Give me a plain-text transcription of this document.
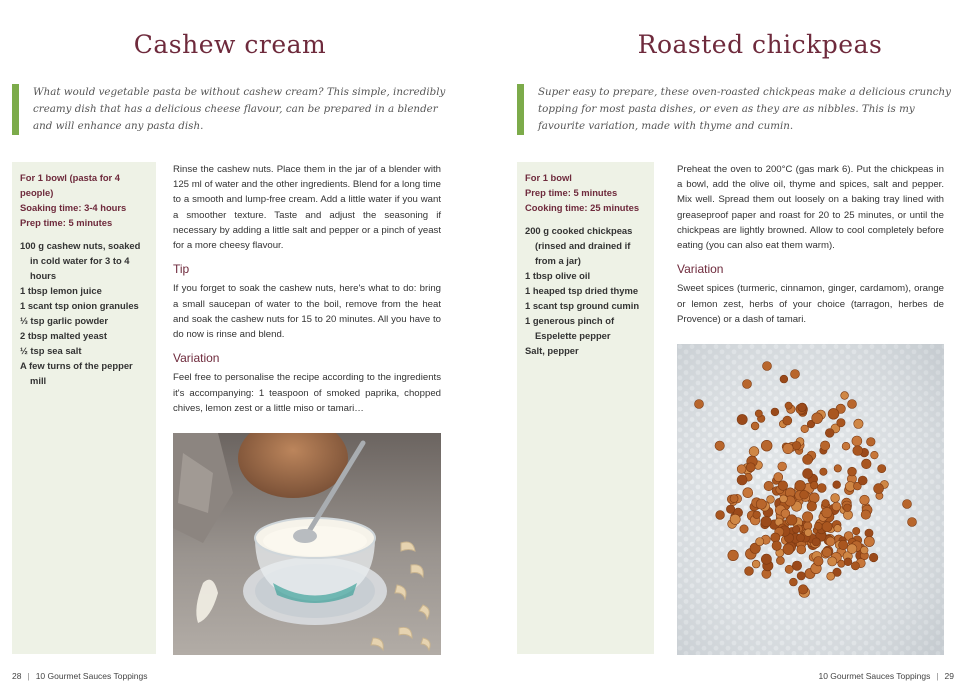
Cashew cream

What would vegetable pasta be without cashew cream? This simple, incredibly creamy dish that has a delicious cheese flavour, can be prepared in a blender and will enhance any pasta dish.

For 1 bowl (pasta for 4 people)
Soaking time: 3-4 hours
Prep time: 5 minutes
100 g cashew nuts, soaked in cold water for 3 to 4 hours
1 tbsp lemon juice
1 scant tsp onion granules
⅓ tsp garlic powder
2 tbsp malted yeast
½ tsp sea salt
A few turns of the pepper mill

Rinse the cashew nuts. Place them in the jar of a blender with 125 ml of water and the other ingredients. Blend for a long time to a smooth and lump-free cream. Add a little water if you want a smoother texture. Taste and adjust the seasoning if necessary by adding a little salt and pepper or a pinch of yeast for a more cheesy flavour.

Tip

If you forget to soak the cashew nuts, here's what to do: bring a small saucepan of water to the boil, remove from the heat and soak the cashew nuts for 15 to 20 minutes. All you have to do now is rinse and blend.

Variation

Feel free to personalise the recipe according to the ingredients it's accompanying: 1 teaspoon of smoked paprika, chopped chives, lemon zest or a little miso or tamari…

28 | 10 Gourmet Sauces Toppings
Roasted chickpeas

Super easy to prepare, these oven-roasted chickpeas make a delicious crunchy topping for most pasta dishes, or even as they are as nibbles. This is my favourite variation, made with thyme and cumin.

For 1 bowl
Prep time: 5 minutes
Cooking time: 25 minutes
200 g cooked chickpeas (rinsed and drained if from a jar)
1 tbsp olive oil
1 heaped tsp dried thyme
1 scant tsp ground cumin
1 generous pinch of Espelette pepper
Salt, pepper

Preheat the oven to 200°C (gas mark 6). Put the chickpeas in a bowl, add the olive oil, thyme and spices, salt and pepper. Mix well. Spread them out loosely on a baking tray lined with greaseproof paper and roast for 20 to 25 minutes, or until the chickpeas are lightly browned. Allow to cool completely before eating (you can also eat them warm).

Variation

Sweet spices (turmeric, cinnamon, ginger, cardamom), orange or lemon zest, herbs of your choice (tarragon, herbes de Provence) or a dash of tamari.

10 Gourmet Sauces Toppings | 29
